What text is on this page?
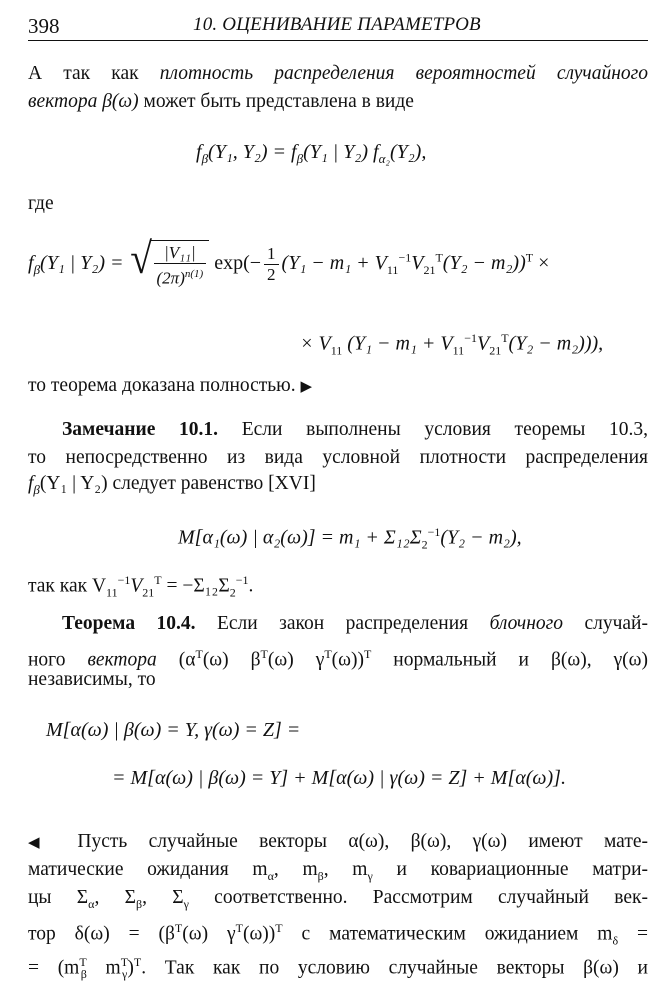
398	10. ОЦЕНИВАНИЕ ПАРАМЕТРОВ
А так как плотность распределения вероятностей случайного
вектора β(ω) может быть представлена в виде
$f_\beta(Y_1$, $Y_2) = f_\beta(Y_1$ | Y₂) $f_{\alpha_2}(Y_2)$,
где
$f_\beta(Y_1$ | Y₂) = √ $\frac{\text{|V₁₁|}}{(2\pi)^{n(1)}} \exp(- \frac{1}{2} (Y_1 - m_1 + V_{11}^{-1}V_{21}^T(Y_2 - m_2))^T$ ×
× $V_{11}$ $(Y_1 - m_1 + V_{11}^{-1}V_{21}^T(Y_2 - m_2))$),
то теорема доказана полностью. ▶
Замечание 10.1. Если выполнены условия теоремы 10.3,
то непосредственно из вида условной плотности распределения
$f_\beta(Y_1$ | Y₂) следует равенство [XVI]
M[α₁(ω) | $\alpha_2(\omega)] = m_1 + \Sigma_{12}\Sigma_2^{-1}(Y_2 - m_2)$,
так как $V_{11}^{-1}V_{21}^T = -\Sigma_{12}\Sigma_2^{-1}$.
Теорема 10.4. Если закон распределения блочного случай-
ного вектора ($\alpha^T(\omega)$ $\beta^T(\omega)$ $\gamma^T(\omega))^T$ нормальный и β(ω), γ(ω)
независимы, то
M[α(ω) | β(ω) = Y, γ(ω) = Z] =
= M[α(ω) | β(ω) = Y] + M[α(ω) | γ(ω) = Z] + M[α(ω)].
◀ Пусть случайные векторы α(ω), β(ω), γ(ω) имеют мате-
матические ожидания $m_\alpha$, $m_\beta$, $m_\gamma$ и ковариационные матри-
цы $\Sigma_\alpha$, $\Sigma_\beta$, $\Sigma_\gamma$ соответственно. Рассмотрим случайный век-
тор $\delta(\omega) = (\beta^T(\omega)$ $\gamma^T(\omega))^T$ с математическим ожиданием $m_\delta$ =
= ($m^T_\beta$ $m^T_\gamma)^T$. Так как по условию случайные векторы β(ω) и
